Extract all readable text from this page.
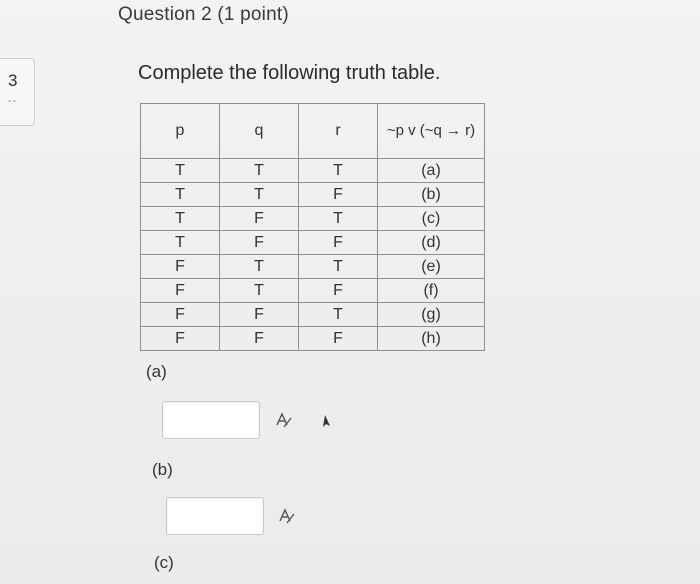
Question 2 (1 point)
3
--
Complete the following truth table.
p	q	r	~p v (~q → r)
T	T	T	(a)
T	T	F	(b)
T	F	T	(c)
T	F	F	(d)
F	T	T	(e)
F	T	F	(f)
F	F	T	(g)
F	F	F	(h)
(a)
(b)
(c)
